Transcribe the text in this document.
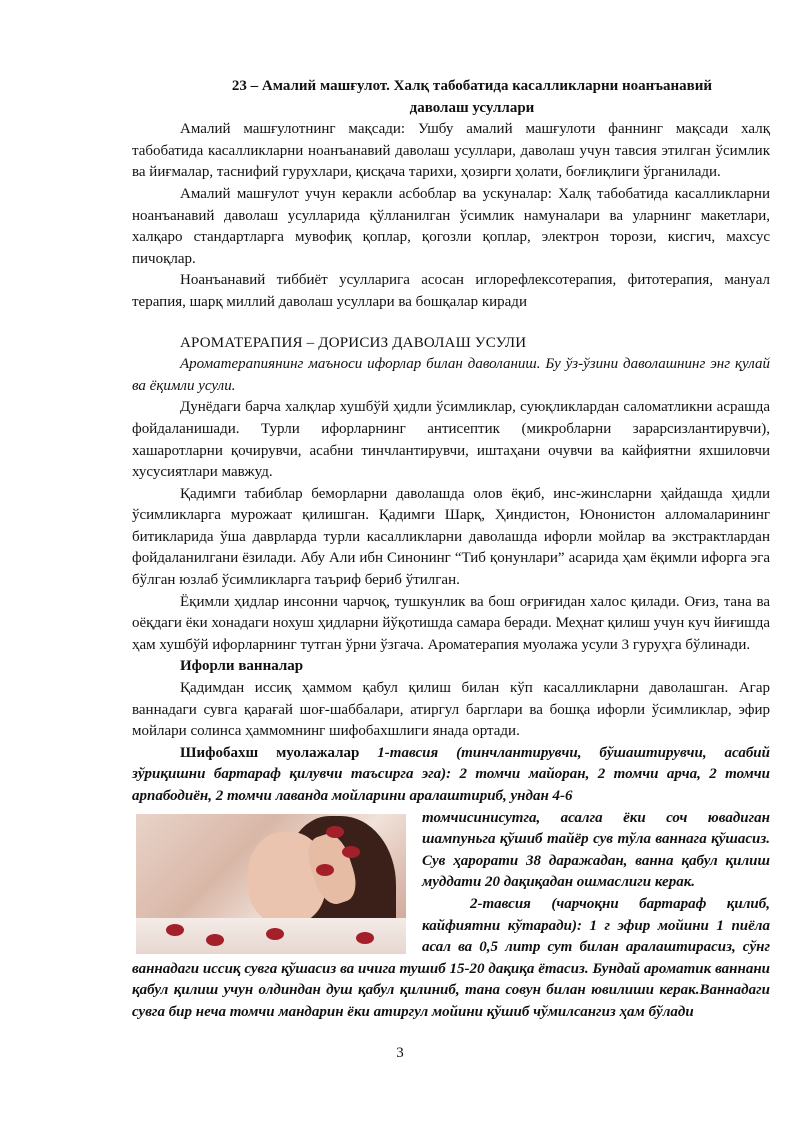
23 – Амалий машғулот. Халқ табобатида касалликларни ноанъанавий
даволаш усуллари

Амалий машғулотнинг мақсади: Ушбу амалий машғулоти фаннинг мақсади халқ табобатида касалликларни ноанъанавий даволаш усуллари, даволаш учун тавсия этилган ўсимлик ва йиғмалар, таснифий гурухлари, қисқача тарихи, ҳозирги ҳолати, боғлиқлиги ўрганилади.

Амалий машғулот учун керакли асбоблар ва ускуналар: Халқ табобатида касалликларни ноанъанавий даволаш усулларида қўлланилган ўсимлик намуналари ва уларнинг макетлари, халқаро стандартларга мувофиқ қоплар, қогозли қоплар, электрон торози, кисгич, махсус пичоқлар.

Ноанъанавий тиббиёт усулларига асосан иглорефлексотерапия, фитотерапия, мануал терапия, шарқ миллий даволаш усуллари ва бошқалар киради

АРОМАТЕРАПИЯ – ДОРИСИЗ ДАВОЛАШ УСУЛИ

Ароматерапиянинг маъноси ифорлар билан даволаниш. Бу ўз-ўзини даволашнинг энг қулай ва ёқимли усули.

Дунёдаги барча халқлар хушбўй ҳидли ўсимликлар, суюқликлардан саломатликни асрашда фойдаланишади. Турли ифорларнинг антисептик (микробларни зарарсизлантирувчи), хашаротларни қочирувчи, асабни тинчлантирувчи, иштаҳани очувчи ва кайфиятни яхшиловчи хусусиятлари мавжуд.

Қадимги табиблар беморларни даволашда олов ёқиб, инс-жинсларни ҳайдашда ҳидли ўсимликларга мурожаат қилишган. Қадимги Шарқ, Ҳиндистон, Юнонистон алломаларининг битикларида ўша даврларда турли касалликларни даволашда ифорли мойлар ва экстрактлардан фойдаланилгани ёзилади. Абу Али ибн Синонинг “Тиб қонунлари” асарида ҳам ёқимли ифорга эга бўлган юзлаб ўсимликларга таъриф бериб ўтилган.

Ёқимли ҳидлар инсонни чарчоқ, тушкунлик ва бош оғриғидан халос қилади. Оғиз, тана ва оёқдаги ёки хонадаги нохуш ҳидларни йўқотишда самара беради. Меҳнат қилиш учун куч йиғишда ҳам хушбўй ифорларнинг тутган ўрни ўзгача. Ароматерапия муолажа усули 3 гуруҳга бўлинади.

Ифорли ванналар

Қадимдан иссиқ ҳаммом қабул қилиш билан кўп касалликларни даволашган. Агар ваннадаги сувга қарағай шоғ-шаббалари, атиргул барглари ва бошқа ифорли ўсимликлар, эфир мойлари солинса ҳаммомнинг шифобахшлиги янада ортади.

Шифобахш муолажалар 1-тавсия (тинчлантирувчи, бўшаштирувчи, асабий зўриқишни бартараф қилувчи таъсирга эга): 2 томчи майоран, 2 томчи арча, 2 томчи арпабодиён, 2 томчи лаванда мойларини аралаштириб, ундан 4-6

томчисинисутга, асалга ёки соч ювадиган шампуньга қўшиб тайёр сув тўла ваннага қўшасиз. Сув ҳарорати 38 даражадан, ванна қабул қилиш муддати 20 дақиқадан ошмаслиги керак.

2-тавсия (чарчоқни бартараф қилиб, кайфиятни кўтаради): 1 г эфир мойини 1 пиёла асал ва 0,5 литр сут билан аралаштирасиз, сўнг ваннадаги иссиқ сувга қўшасиз ва ичига тушиб 15-20 дақиқа ётасиз. Бундай ароматик ваннани қабул қилиш учун олдиндан душ қабул қилиниб, тана совун билан ювилиши керак.Ваннадаги сувга бир неча томчи мандарин ёки атиргул мойини қўшиб чўмилсангиз ҳам бўлади

3
